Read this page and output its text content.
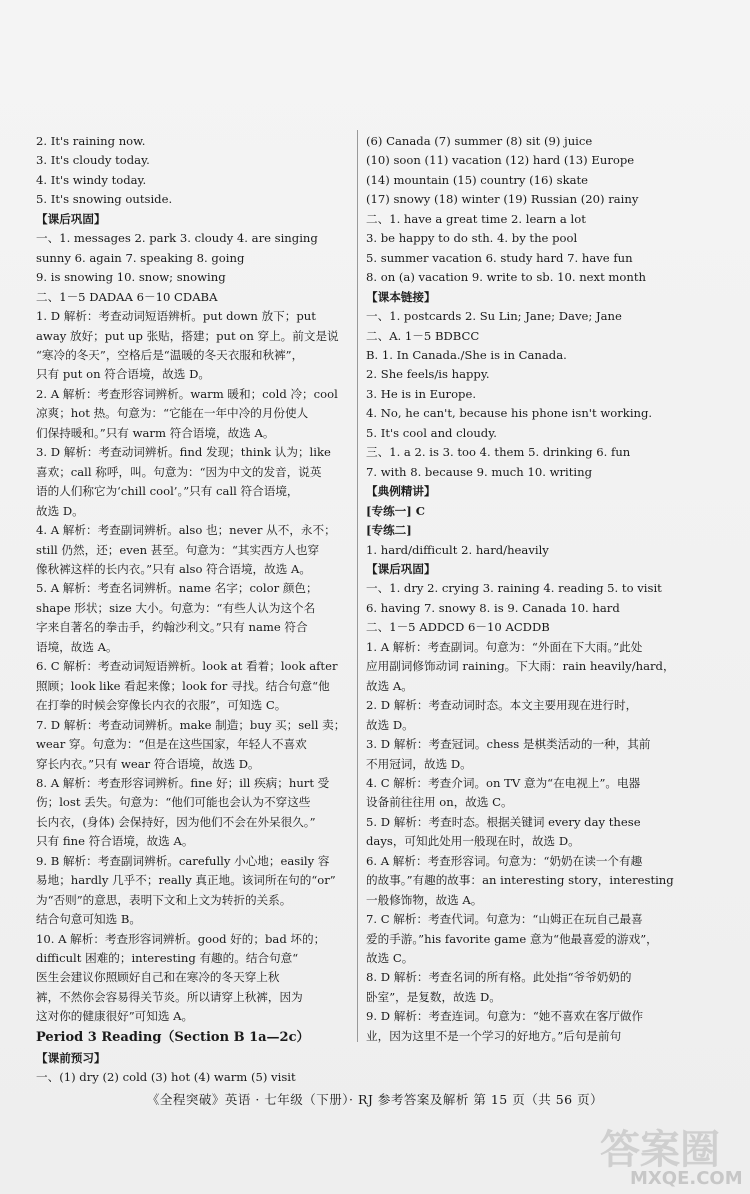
2. It's raining now.
3. It's cloudy today.
4. It's windy today.
5. It's snowing outside.
【课后巩固】
一、1. messages 2. park 3. cloudy 4. are singing
sunny 6. again 7. speaking 8. going
9. is snowing 10. snow; snowing
二、1－5 DADAA 6－10 CDABA
1. D 解析：考查动词短语辨析。put down 放下；put
away 放好；put up 张贴，搭建；put on 穿上。前文是说
“寒冷的冬天”，空格后是“温暖的冬天衣服和秋裤”，
只有 put on 符合语境，故选 D。
2. A 解析：考查形容词辨析。warm 暖和；cold 冷；cool
凉爽；hot 热。句意为：“它能在一年中冷的月份使人
们保持暖和。”只有 warm 符合语境，故选 A。
3. D 解析：考查动词辨析。find 发现；think 认为；like
喜欢；call 称呼，叫。句意为：“因为中文的发音，说英
语的人们称它为‘chill cool’。”只有 call 符合语境，
故选 D。
4. A 解析：考查副词辨析。also 也；never 从不，永不；
still 仍然，还；even 甚至。句意为：“其实西方人也穿
像秋裤这样的长内衣。”只有 also 符合语境，故选 A。
5. A 解析：考查名词辨析。name 名字；color 颜色；
shape 形状；size 大小。句意为：“有些人认为这个名
字来自著名的拳击手，约翰沙利文。”只有 name 符合
语境，故选 A。
6. C 解析：考查动词短语辨析。look at 看着；look after
照顾；look like 看起来像；look for 寻找。结合句意“他
在打拳的时候会穿像长内衣的衣服”，可知选 C。
7. D 解析：考查动词辨析。make 制造；buy 买；sell 卖；
wear 穿。句意为：“但是在这些国家，年轻人不喜欢
穿长内衣。”只有 wear 符合语境，故选 D。
8. A 解析：考查形容词辨析。fine 好；ill 疾病；hurt 受
伤；lost 丢失。句意为：“他们可能也会认为不穿这些
长内衣，(身体) 会保持好，因为他们不会在外呆很久。”
只有 fine 符合语境，故选 A。
9. B 解析：考查副词辨析。carefully 小心地；easily 容
易地；hardly 几乎不；really 真正地。该词所在句的“or”
为“否则”的意思，表明下文和上文为转折的关系。
结合句意可知选 B。
10. A 解析：考查形容词辨析。good 好的；bad 坏的；
difficult 困难的；interesting 有趣的。结合句意“
医生会建议你照顾好自己和在寒冷的冬天穿上秋
裤，不然你会容易得关节炎。所以请穿上秋裤，因为
这对你的健康很好”可知选 A。
Period 3 Reading（Section B 1a—2c）
【课前预习】
一、(1) dry (2) cold (3) hot (4) warm (5) visit
(6) Canada (7) summer (8) sit (9) juice
(10) soon (11) vacation (12) hard (13) Europe
(14) mountain (15) country (16) skate
(17) snowy (18) winter (19) Russian (20) rainy
二、1. have a great time 2. learn a lot
3. be happy to do sth. 4. by the pool
5. summer vacation 6. study hard 7. have fun
8. on (a) vacation 9. write to sb. 10. next month
【课本链接】
一、1. postcards 2. Su Lin; Jane; Dave; Jane
二、A. 1－5 BDBCC
B. 1. In Canada./She is in Canada.
2. She feels/is happy.
3. He is in Europe.
4. No, he can't, because his phone isn't working.
5. It's cool and cloudy.
三、1. a 2. is 3. too 4. them 5. drinking 6. fun
7. with 8. because 9. much 10. writing
【典例精讲】
[专练一] C
[专练二]
1. hard/difficult 2. hard/heavily
【课后巩固】
一、1. dry 2. crying 3. raining 4. reading 5. to visit
6. having 7. snowy 8. is 9. Canada 10. hard
二、1－5 ADDCD 6－10 ACDDB
1. A 解析：考查副词。句意为：“外面在下大雨。”此处
应用副词修饰动词 raining。下大雨：rain heavily/hard，
故选 A。
2. D 解析：考查动词时态。本文主要用现在进行时，
故选 D。
3. D 解析：考查冠词。chess 是棋类活动的一种，其前
不用冠词，故选 D。
4. C 解析：考查介词。on TV 意为“在电视上”。电器
设备前往往用 on，故选 C。
5. D 解析：考查时态。根据关键词 every day these
days，可知此处用一般现在时，故选 D。
6. A 解析：考查形容词。句意为：“奶奶在读一个有趣
的故事。”有趣的故事：an interesting story，interesting
一般修饰物，故选 A。
7. C 解析：考查代词。句意为：“山姆正在玩自己最喜
爱的手游。”his favorite game 意为“他最喜爱的游戏”，
故选 C。
8. D 解析：考查名词的所有格。此处指“爷爷奶奶的
卧室”，是复数，故选 D。
9. D 解析：考查连词。句意为：“她不喜欢在客厅做作
业，因为这里不是一个学习的好地方。”后句是前句
《全程突破》英语 · 七年级（下册）· RJ 参考答案及解析 第 15 页（共 56 页）
答案圈
MXQE.COM
